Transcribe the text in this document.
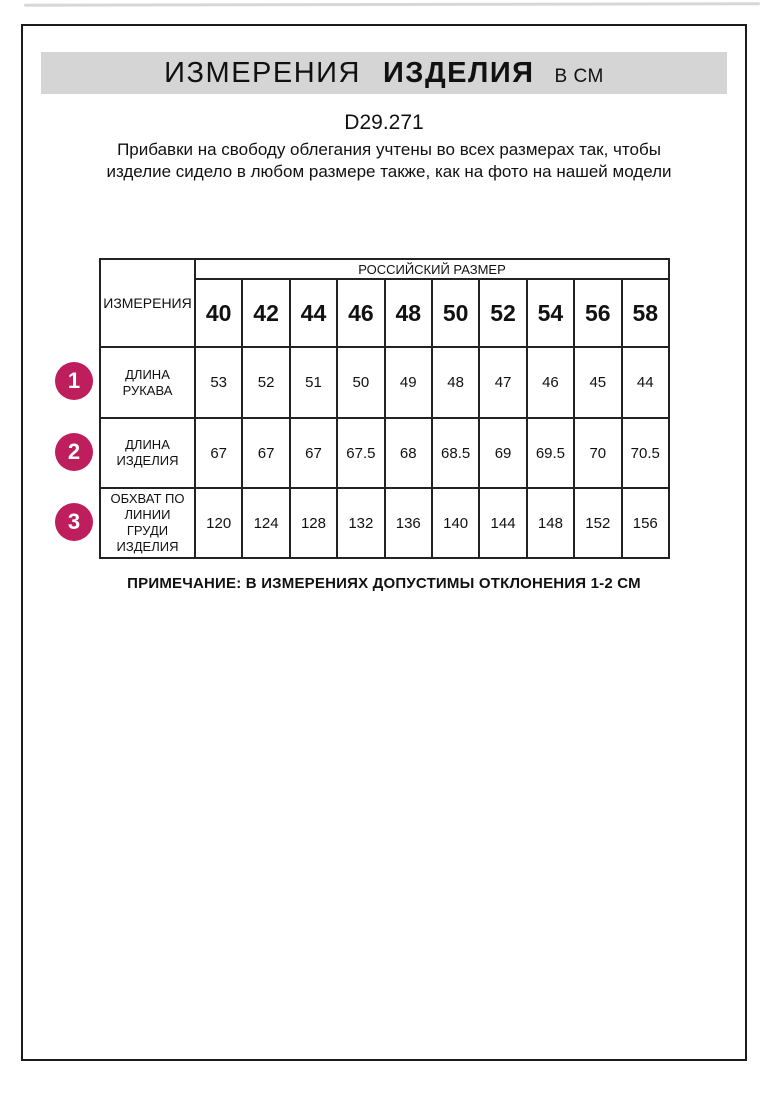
ИЗМЕРЕНИЯ ИЗДЕЛИЯ В СМ
D29.271

Прибавки на свободу облегания учтены во всех размерах так, чтобы изделие сидело в любом размере также, как на фото на нашей модели

1
2
3
ИЗМЕРЕНИЯ	РОССИЙСКИЙ РАЗМЕР									
	40	42	44	46	48	50	52	54	56	58
ДЛИНА РУКАВА	53	52	51	50	49	48	47	46	45	44
ДЛИНА ИЗДЕЛИЯ	67	67	67	67.5	68	68.5	69	69.5	70	70.5
ОБХВАТ ПО ЛИНИИ ГРУДИ ИЗДЕЛИЯ	120	124	128	132	136	140	144	148	152	156
ПРИМЕЧАНИЕ: В ИЗМЕРЕНИЯХ ДОПУСТИМЫ ОТКЛОНЕНИЯ 1-2 СМ
